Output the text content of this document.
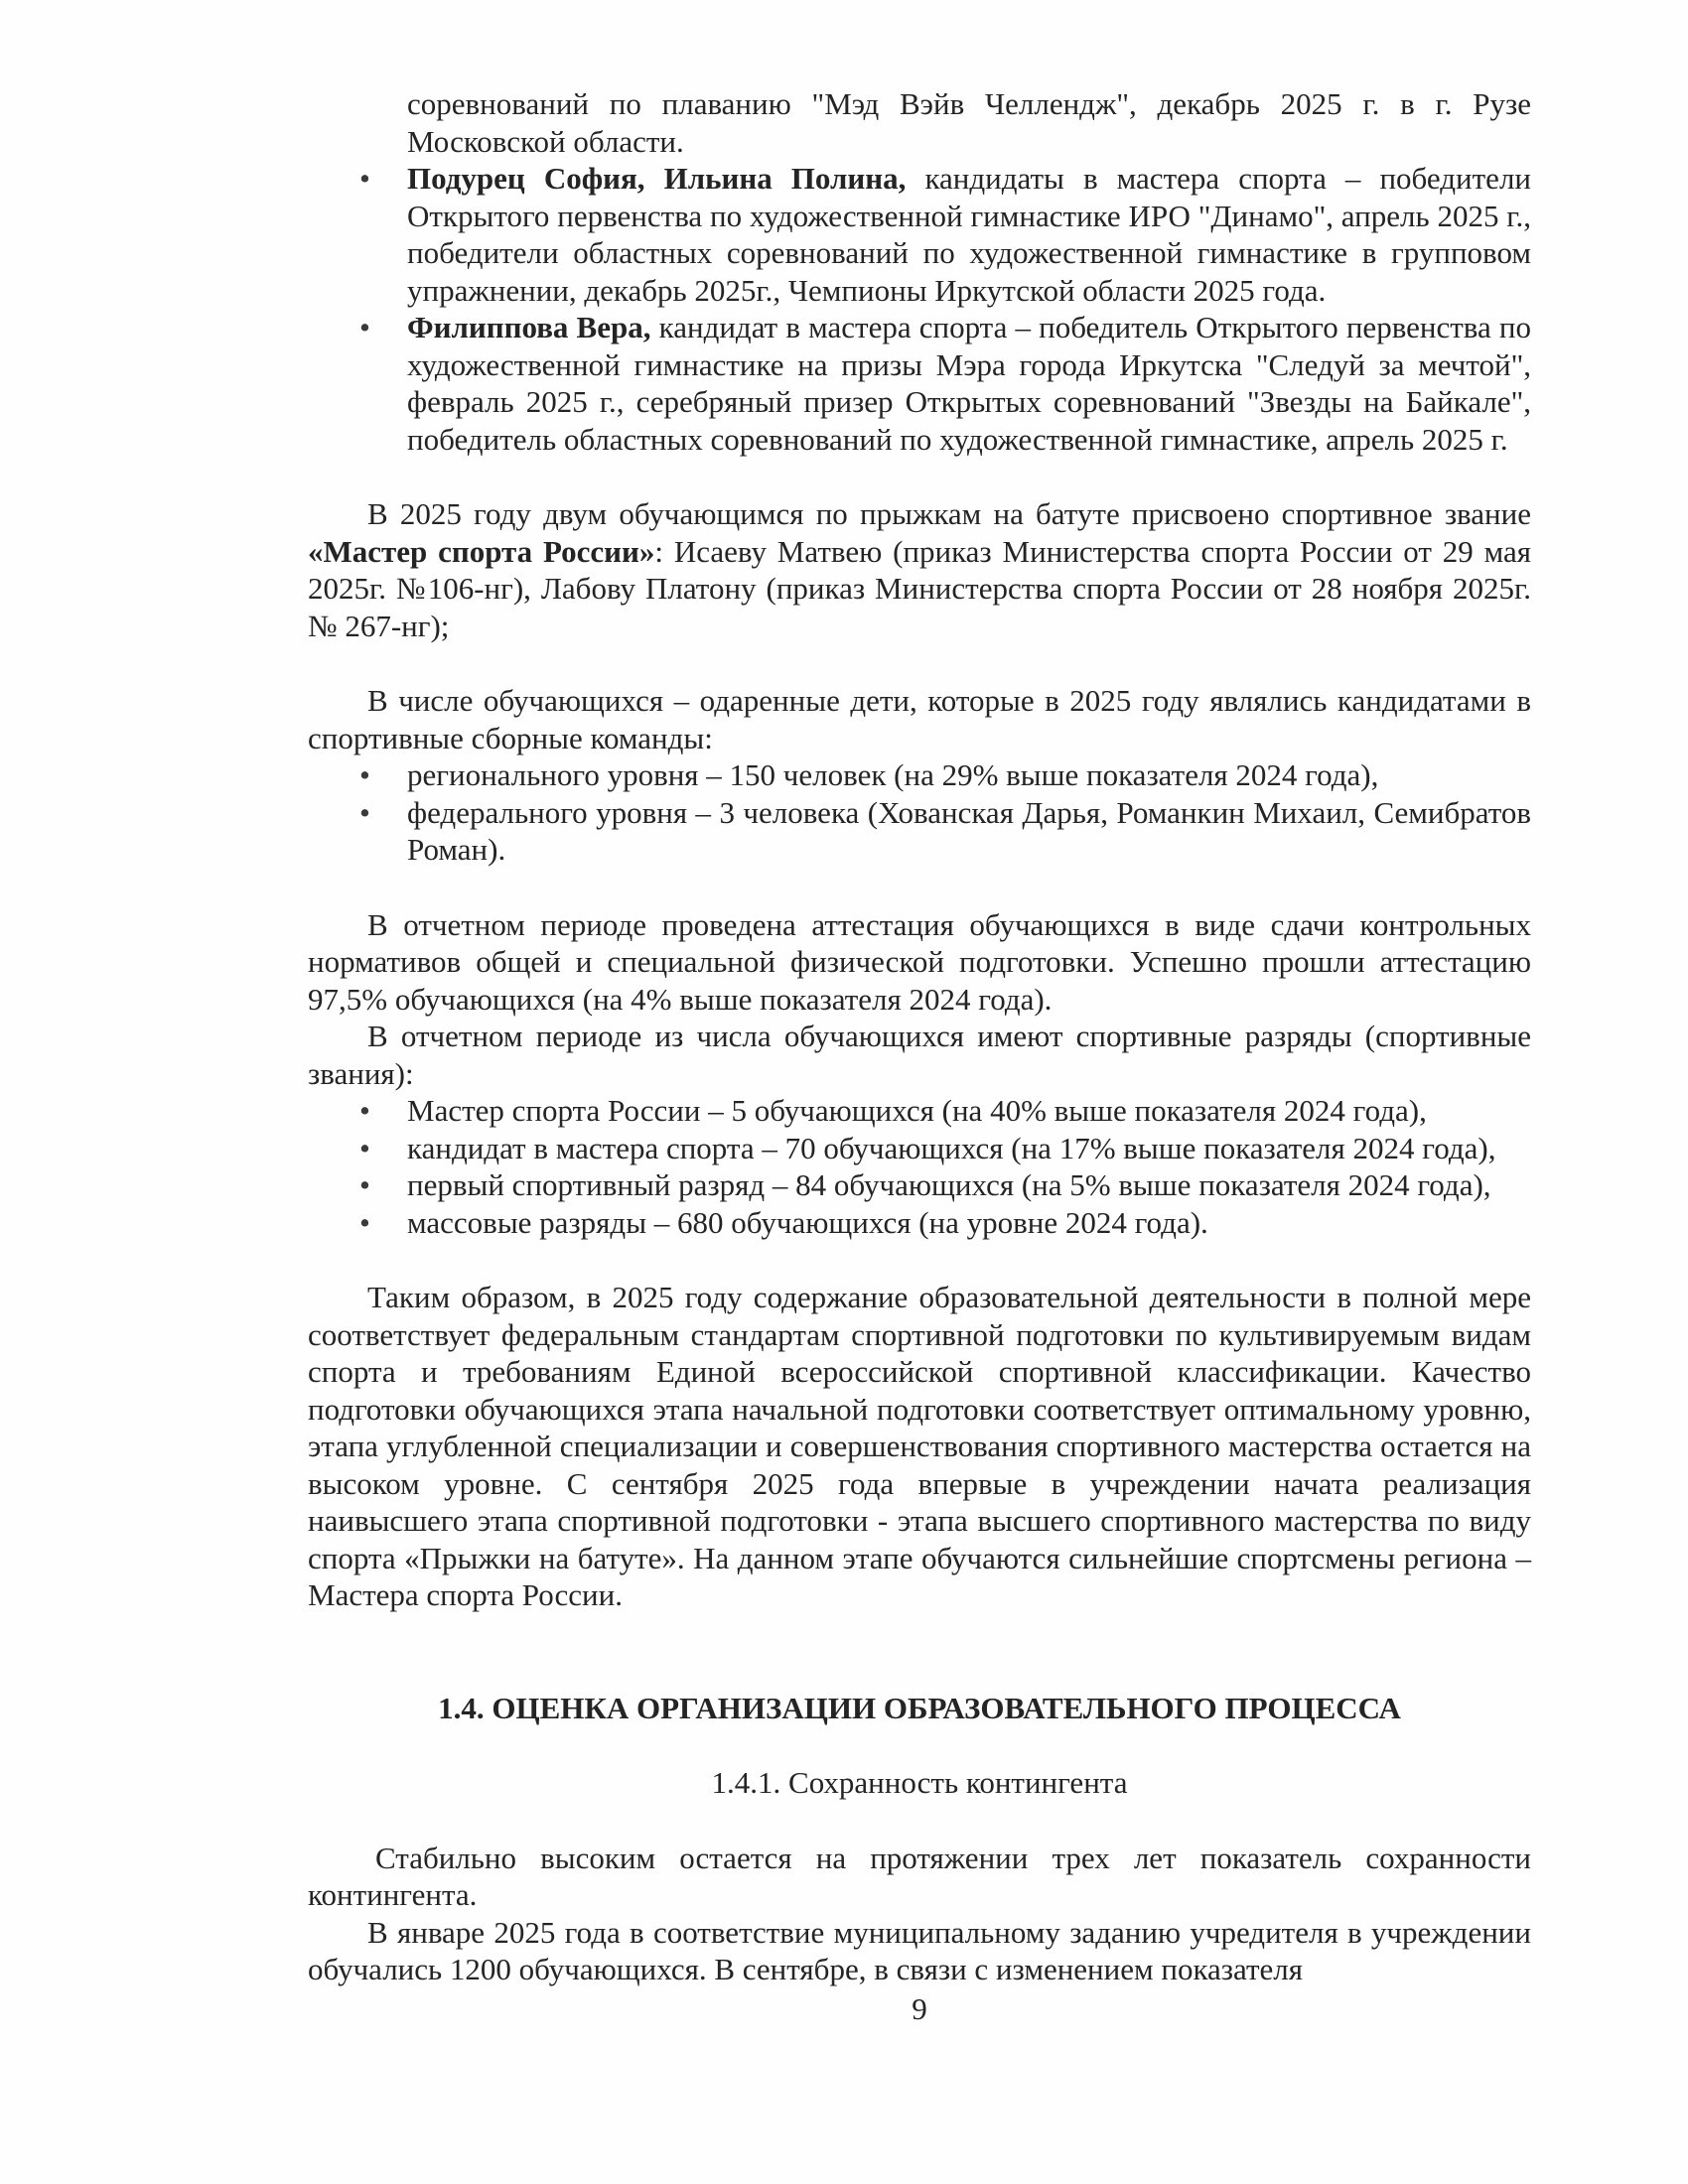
соревнований по плаванию "Мэд Вэйв Челлендж", декабрь 2025 г. в г. Рузе Московской области.

• Подурец София, Ильина Полина, кандидаты в мастера спорта – победители Открытого первенства по художественной гимнастике ИРО "Динамо", апрель 2025 г., победители областных соревнований по художественной гимнастике в групповом упражнении, декабрь 2025г., Чемпионы Иркутской области 2025 года.
• Филиппова Вера, кандидат в мастера спорта – победитель Открытого первенства по художественной гимнастике на призы Мэра города Иркутска "Следуй за мечтой", февраль 2025 г., серебряный призер Открытых соревнований "Звезды на Байкале", победитель областных соревнований по художественной гимнастике, апрель 2025 г.

В 2025 году двум обучающимся по прыжкам на батуте присвоено спортивное звание «Мастер спорта России»: Исаеву Матвею (приказ Министерства спорта России от 29 мая 2025г. №106-нг), Лабову Платону (приказ Министерства спорта России от 28 ноября 2025г. № 267-нг);

В числе обучающихся – одаренные дети, которые в 2025 году являлись кандидатами в спортивные сборные команды:

• регионального уровня – 150 человек (на 29% выше показателя 2024 года),
• федерального уровня – 3 человека (Хованская Дарья, Романкин Михаил, Семибратов Роман).

В отчетном периоде проведена аттестация обучающихся в виде сдачи контрольных нормативов общей и специальной физической подготовки. Успешно прошли аттестацию 97,5% обучающихся (на 4% выше показателя 2024 года).

В отчетном периоде из числа обучающихся имеют спортивные разряды (спортивные звания):

• Мастер спорта России – 5 обучающихся (на 40% выше показателя 2024 года),
• кандидат в мастера спорта – 70 обучающихся (на 17% выше показателя 2024 года),
• первый спортивный разряд – 84 обучающихся (на 5% выше показателя 2024 года),
• массовые разряды – 680 обучающихся (на уровне 2024 года).

Таким образом, в 2025 году содержание образовательной деятельности в полной мере соответствует федеральным стандартам спортивной подготовки по культивируемым видам спорта и требованиям Единой всероссийской спортивной классификации. Качество подготовки обучающихся этапа начальной подготовки соответствует оптимальному уровню, этапа углубленной специализации и совершенствования спортивного мастерства остается на высоком уровне. С сентября 2025 года впервые в учреждении начата реализация наивысшего этапа спортивной подготовки - этапа высшего спортивного мастерства по виду спорта «Прыжки на батуте». На данном этапе обучаются сильнейшие спортсмены региона – Мастера спорта России.

1.4. ОЦЕНКА ОРГАНИЗАЦИИ ОБРАЗОВАТЕЛЬНОГО ПРОЦЕССА

1.4.1. Сохранность контингента

Стабильно высоким остается на протяжении трех лет показатель сохранности контингента.

В январе 2025 года в соответствие муниципальному заданию учредителя в учреждении обучались 1200 обучающихся. В сентябре, в связи с изменением показателя

9
